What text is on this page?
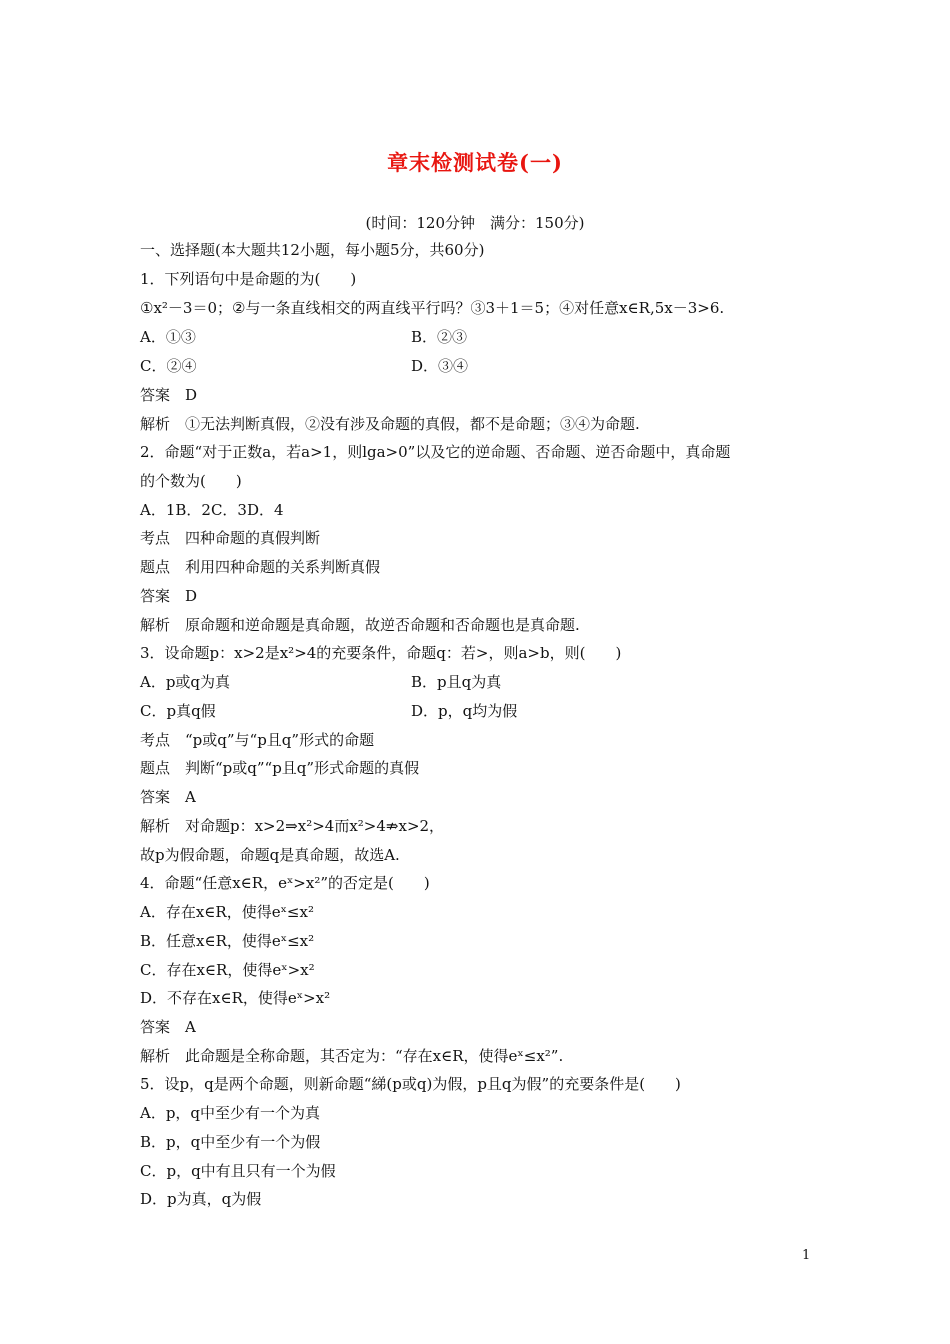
章末检测试卷(一)
(时间：120分钟　满分：150分)
一、选择题(本大题共12小题，每小题5分，共60分)
1．下列语句中是命题的为(　　)
①x²－3＝0；②与一条直线相交的两直线平行吗？③3＋1＝5；④对任意x∈R,5x－3>6.
A．①③	B．②③
C．②④	D．③④
答案　D
解析　①无法判断真假，②没有涉及命题的真假，都不是命题；③④为命题.
2．命题“对于正数a，若a>1，则lga>0”以及它的逆命题、否命题、逆否命题中，真命题
的个数为(　　)
A．1B．2C．3D．4
考点　四种命题的真假判断
题点　利用四种命题的关系判断真假
答案　D
解析　原命题和逆命题是真命题，故逆否命题和否命题也是真命题.
3．设命题p：x>2是x²>4的充要条件，命题q：若>，则a>b，则(　　)
A．p或q为真	B．p且q为真
C．p真q假	D．p，q均为假
考点　“p或q”与“p且q”形式的命题
题点　判断“p或q”“p且q”形式命题的真假
答案　A
解析　对命题p：x>2⇒x²>4而x²>4⇏x>2，
故p为假命题，命题q是真命题，故选A.
4．命题“任意x∈R，eˣ>x²”的否定是(　　)
A．存在x∈R，使得eˣ≤x²
B．任意x∈R，使得eˣ≤x²
C．存在x∈R，使得eˣ>x²
D．不存在x∈R，使得eˣ>x²
答案　A
解析　此命题是全称命题，其否定为：“存在x∈R，使得eˣ≤x²”.
5．设p，q是两个命题，则新命题“綈(p或q)为假，p且q为假”的充要条件是(　　)
A．p，q中至少有一个为真
B．p，q中至少有一个为假
C．p，q中有且只有一个为假
D．p为真，q为假
1
